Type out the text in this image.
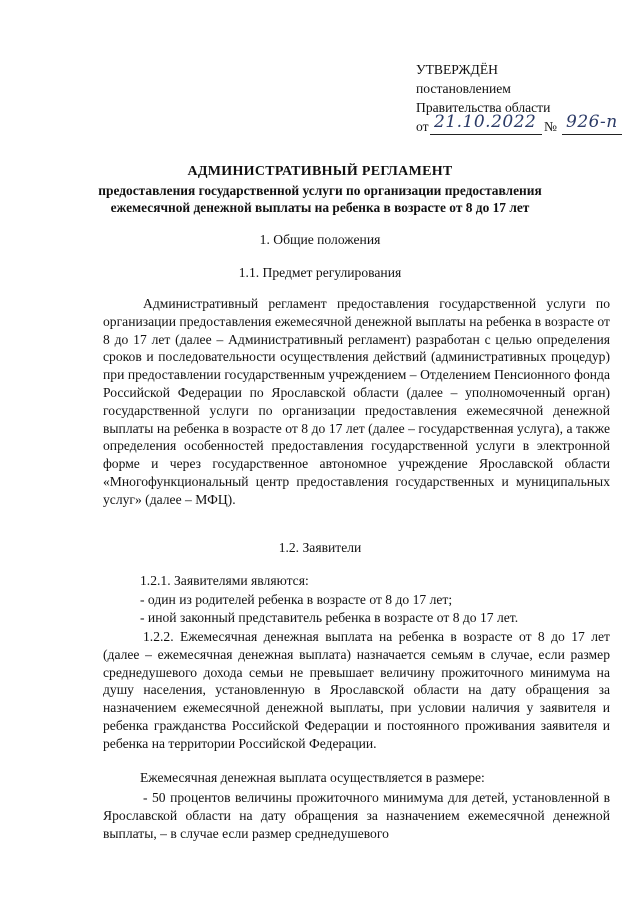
УТВЕРЖДЁН
постановлением
Правительства области
от 21.10.2022 № 926-п
АДМИНИСТРАТИВНЫЙ РЕГЛАМЕНТ
предоставления государственной услуги по организации предоставления
ежемесячной денежной выплаты на ребенка в возрасте от 8 до 17 лет
1. Общие положения
1.1. Предмет регулирования
Административный регламент предоставления государственной услуги по организации предоставления ежемесячной денежной выплаты на ребенка в возрасте от 8 до 17 лет (далее – Административный регламент) разработан с целью определения сроков и последовательности осуществления действий (административных процедур) при предоставлении государственным учреждением – Отделением Пенсионного фонда Российской Федерации по Ярославской области (далее – уполномоченный орган) государственной услуги по организации предоставления ежемесячной денежной выплаты на ребенка в возрасте от 8 до 17 лет (далее – государственная услуга), а также определения особенностей предоставления государственной услуги в электронной форме и через государственное автономное учреждение Ярославской области «Многофункциональный центр предоставления государственных и муниципальных услуг» (далее – МФЦ).
1.2. Заявители
1.2.1. Заявителями являются:
- один из родителей ребенка в возрасте от 8 до 17 лет;
- иной законный представитель ребенка в возрасте от 8 до 17 лет.
1.2.2. Ежемесячная денежная выплата на ребенка в возрасте от 8 до 17 лет (далее – ежемесячная денежная выплата) назначается семьям в случае, если размер среднедушевого дохода семьи не превышает величину прожиточного минимума на душу населения, установленную в Ярославской области на дату обращения за назначением ежемесячной денежной выплаты, при условии наличия у заявителя и ребенка гражданства Российской Федерации и постоянного проживания заявителя и ребенка на территории Российской Федерации.
Ежемесячная денежная выплата осуществляется в размере:
- 50 процентов величины прожиточного минимума для детей, установленной в Ярославской области на дату обращения за назначением ежемесячной денежной выплаты, – в случае если размер среднедушевого
